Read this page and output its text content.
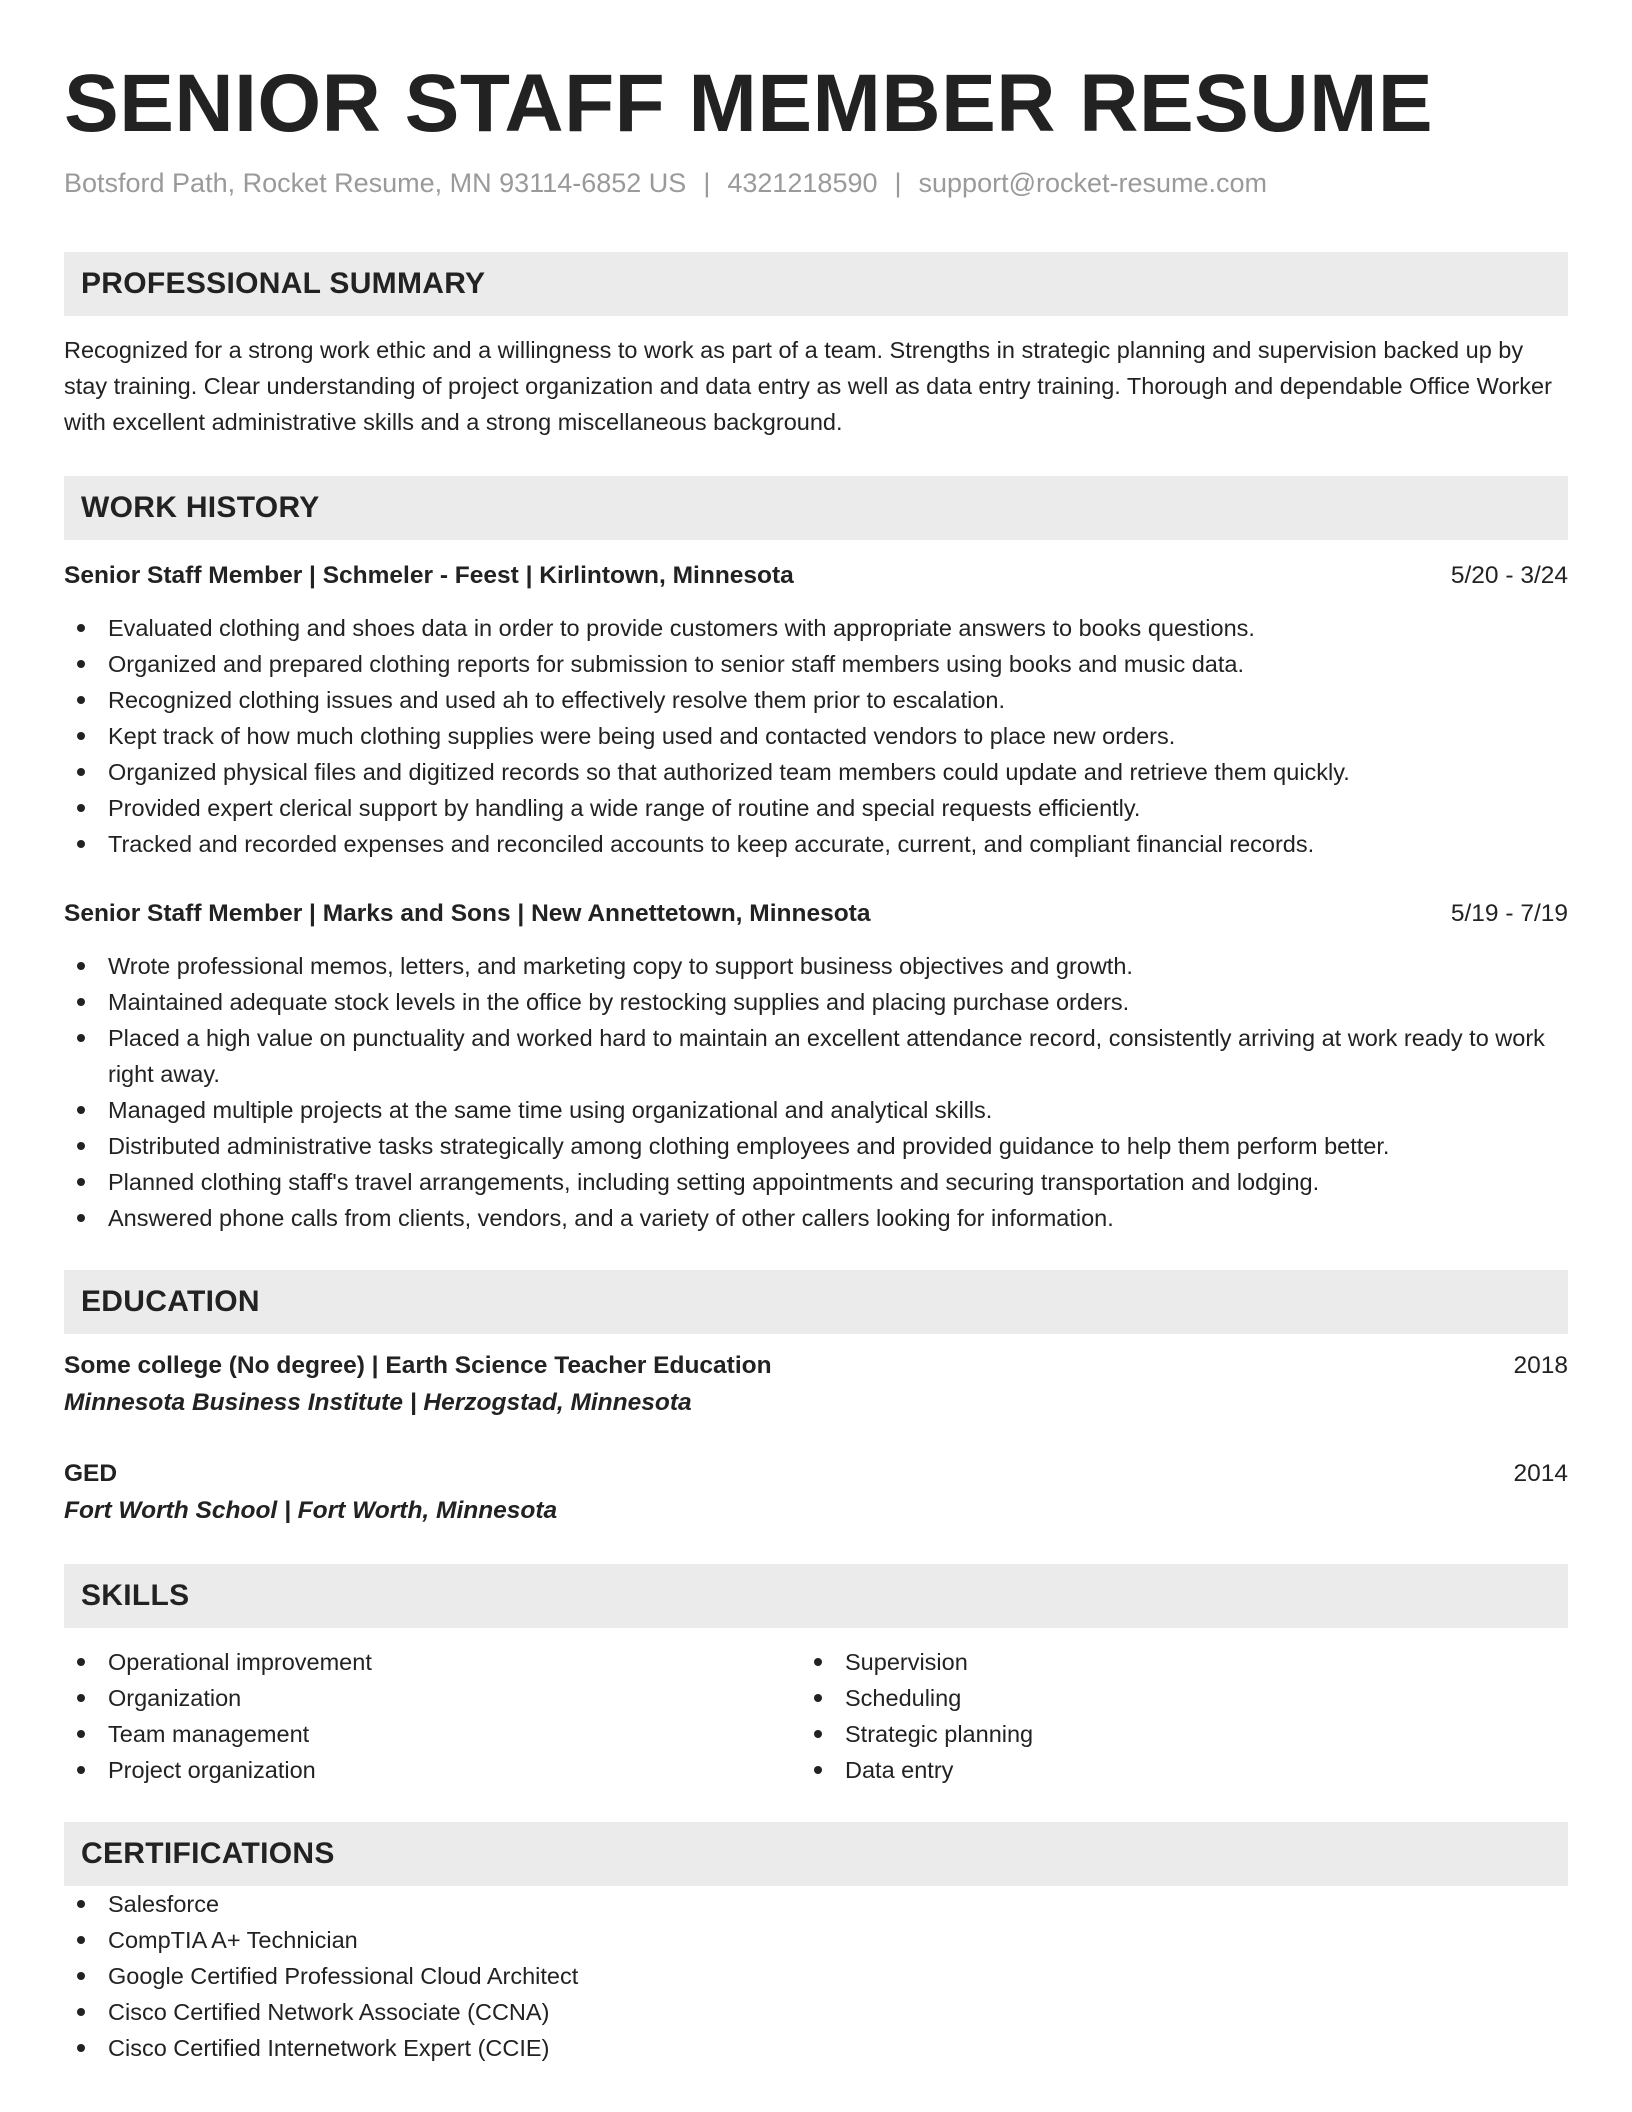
SENIOR STAFF MEMBER RESUME
Botsford Path, Rocket Resume, MN 93114-6852 US | 4321218590 | support@rocket-resume.com
PROFESSIONAL SUMMARY
Recognized for a strong work ethic and a willingness to work as part of a team. Strengths in strategic planning and supervision backed up by stay training. Clear understanding of project organization and data entry as well as data entry training. Thorough and dependable Office Worker with excellent administrative skills and a strong miscellaneous background.
WORK HISTORY
Senior Staff Member | Schmeler - Feest | Kirlintown, Minnesota	5/20 - 3/24
Evaluated clothing and shoes data in order to provide customers with appropriate answers to books questions.
Organized and prepared clothing reports for submission to senior staff members using books and music data.
Recognized clothing issues and used ah to effectively resolve them prior to escalation.
Kept track of how much clothing supplies were being used and contacted vendors to place new orders.
Organized physical files and digitized records so that authorized team members could update and retrieve them quickly.
Provided expert clerical support by handling a wide range of routine and special requests efficiently.
Tracked and recorded expenses and reconciled accounts to keep accurate, current, and compliant financial records.
Senior Staff Member | Marks and Sons | New Annettetown, Minnesota	5/19 - 7/19
Wrote professional memos, letters, and marketing copy to support business objectives and growth.
Maintained adequate stock levels in the office by restocking supplies and placing purchase orders.
Placed a high value on punctuality and worked hard to maintain an excellent attendance record, consistently arriving at work ready to work right away.
Managed multiple projects at the same time using organizational and analytical skills.
Distributed administrative tasks strategically among clothing employees and provided guidance to help them perform better.
Planned clothing staff's travel arrangements, including setting appointments and securing transportation and lodging.
Answered phone calls from clients, vendors, and a variety of other callers looking for information.
EDUCATION
Some college (No degree) | Earth Science Teacher Education	2018
Minnesota Business Institute | Herzogstad, Minnesota
GED	2014
Fort Worth School | Fort Worth, Minnesota
SKILLS
Operational improvement
Organization
Team management
Project organization
Supervision
Scheduling
Strategic planning
Data entry
CERTIFICATIONS
Salesforce
CompTIA A+ Technician
Google Certified Professional Cloud Architect
Cisco Certified Network Associate (CCNA)
Cisco Certified Internetwork Expert (CCIE)
